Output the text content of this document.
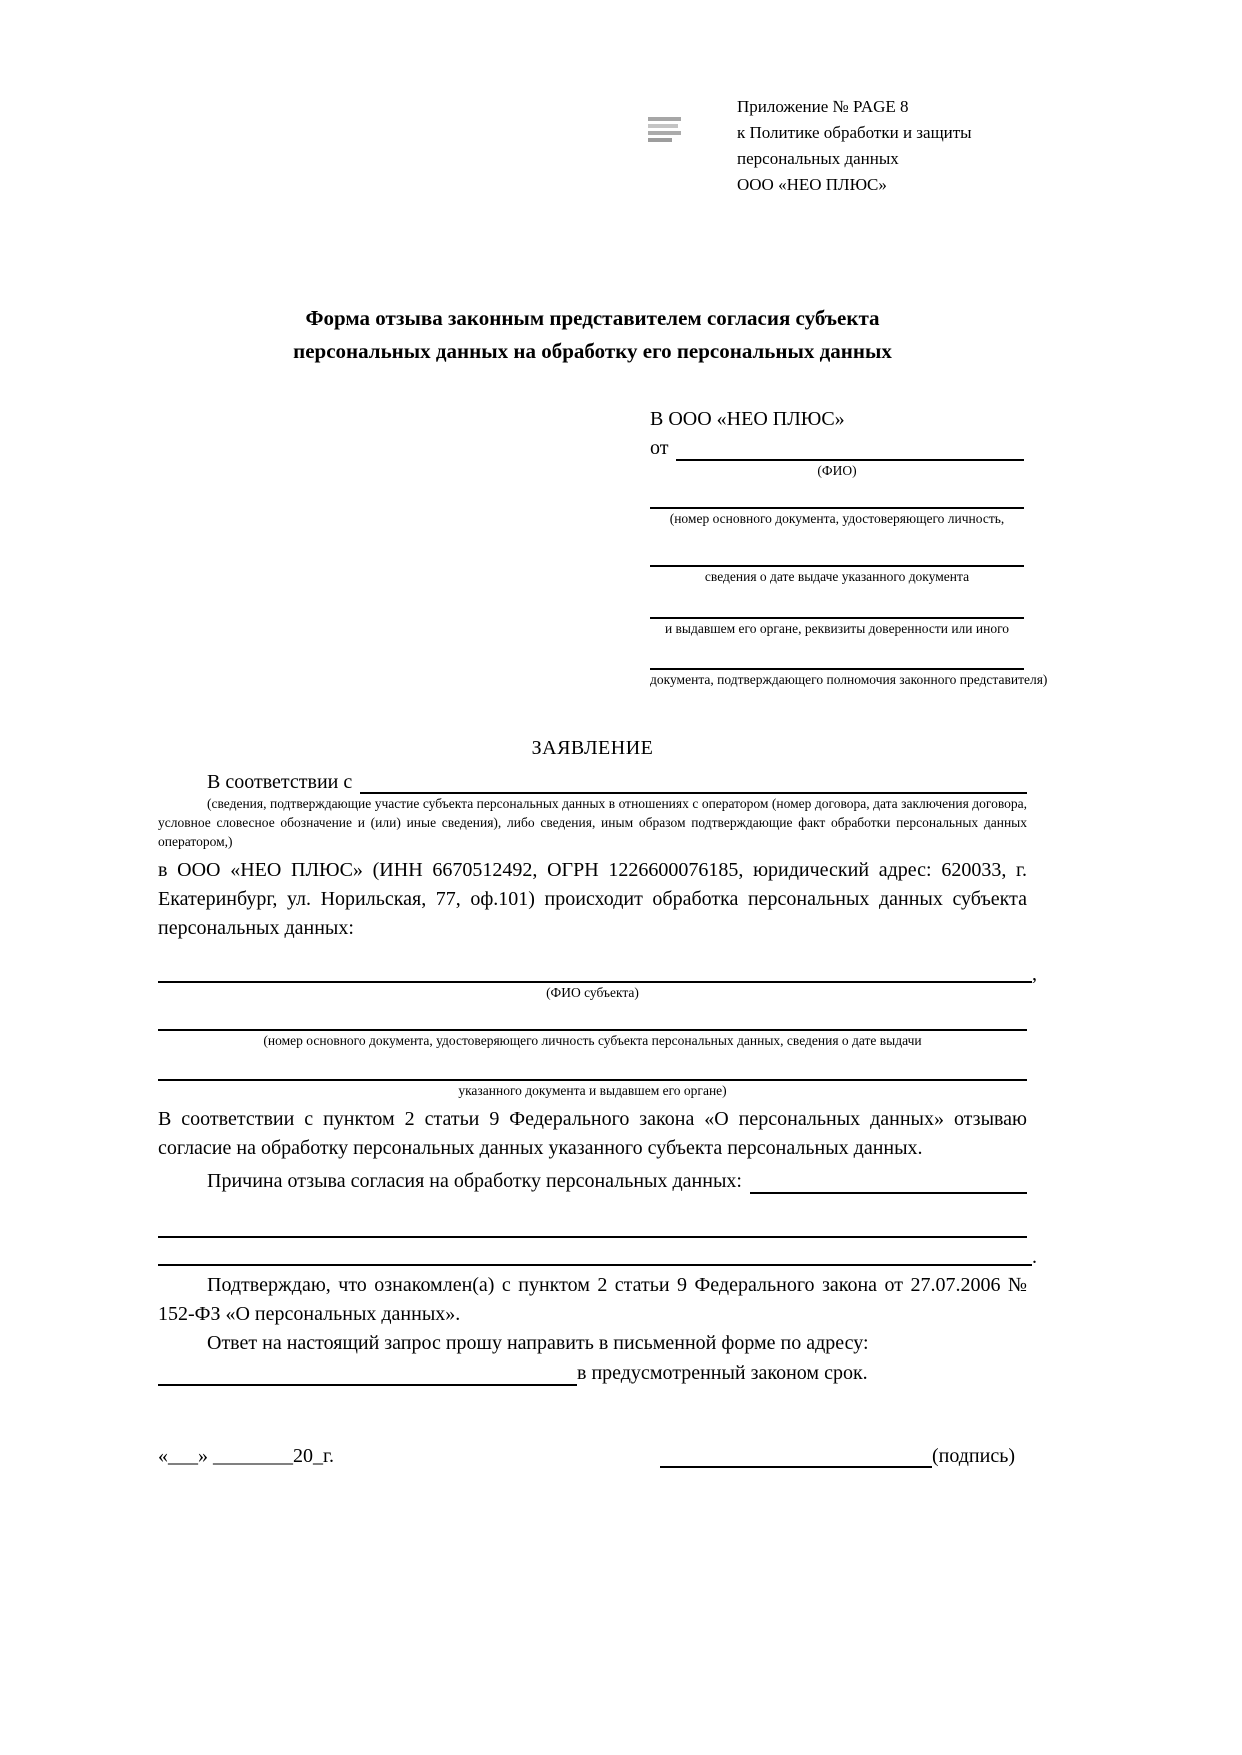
Приложение № PAGE 8
к Политике обработки и защиты
персональных данных
ООО «НЕО ПЛЮС»
Форма отзыва законным представителем согласия субъекта
персональных данных на обработку его персональных данных
В ООО «НЕО ПЛЮС»
от
(ФИО)
(номер основного документа, удостоверяющего личность,
сведения о дате выдаче указанного документа
и выдавшем его органе, реквизиты доверенности или иного
документа, подтверждающего полномочия законного представителя)
ЗАЯВЛЕНИЕ
В соответствии с
(сведения, подтверждающие участие субъекта персональных данных в отношениях с оператором (номер договора, дата заключения договора, условное словесное обозначение и (или) иные сведения), либо сведения, иным образом подтверждающие факт обработки персональных данных оператором,)

в ООО «НЕО ПЛЮС» (ИНН 6670512492, ОГРН 1226600076185, юридический адрес: 620033, г. Екатеринбург, ул. Норильская, 77, оф.101) происходит обработка персональных данных субъекта персональных данных:

,
(ФИО субъекта)
(номер основного документа, удостоверяющего личность субъекта персональных данных, сведения о дате выдачи
указанного документа и выдавшем его органе)

В соответствии с пунктом 2 статьи 9 Федерального закона «О персональных данных» отзываю согласие на обработку персональных данных указанного субъекта персональных данных.

Причина отзыва согласия на обработку персональных данных:
.

Подтверждаю, что ознакомлен(а) с пунктом 2 статьи 9 Федерального закона от 27.07.2006 № 152-ФЗ «О персональных данных».

Ответ на настоящий запрос прошу направить в письменной форме по адресу:

в предусмотренный законом срок.
«___» ________20_г.	(подпись)
